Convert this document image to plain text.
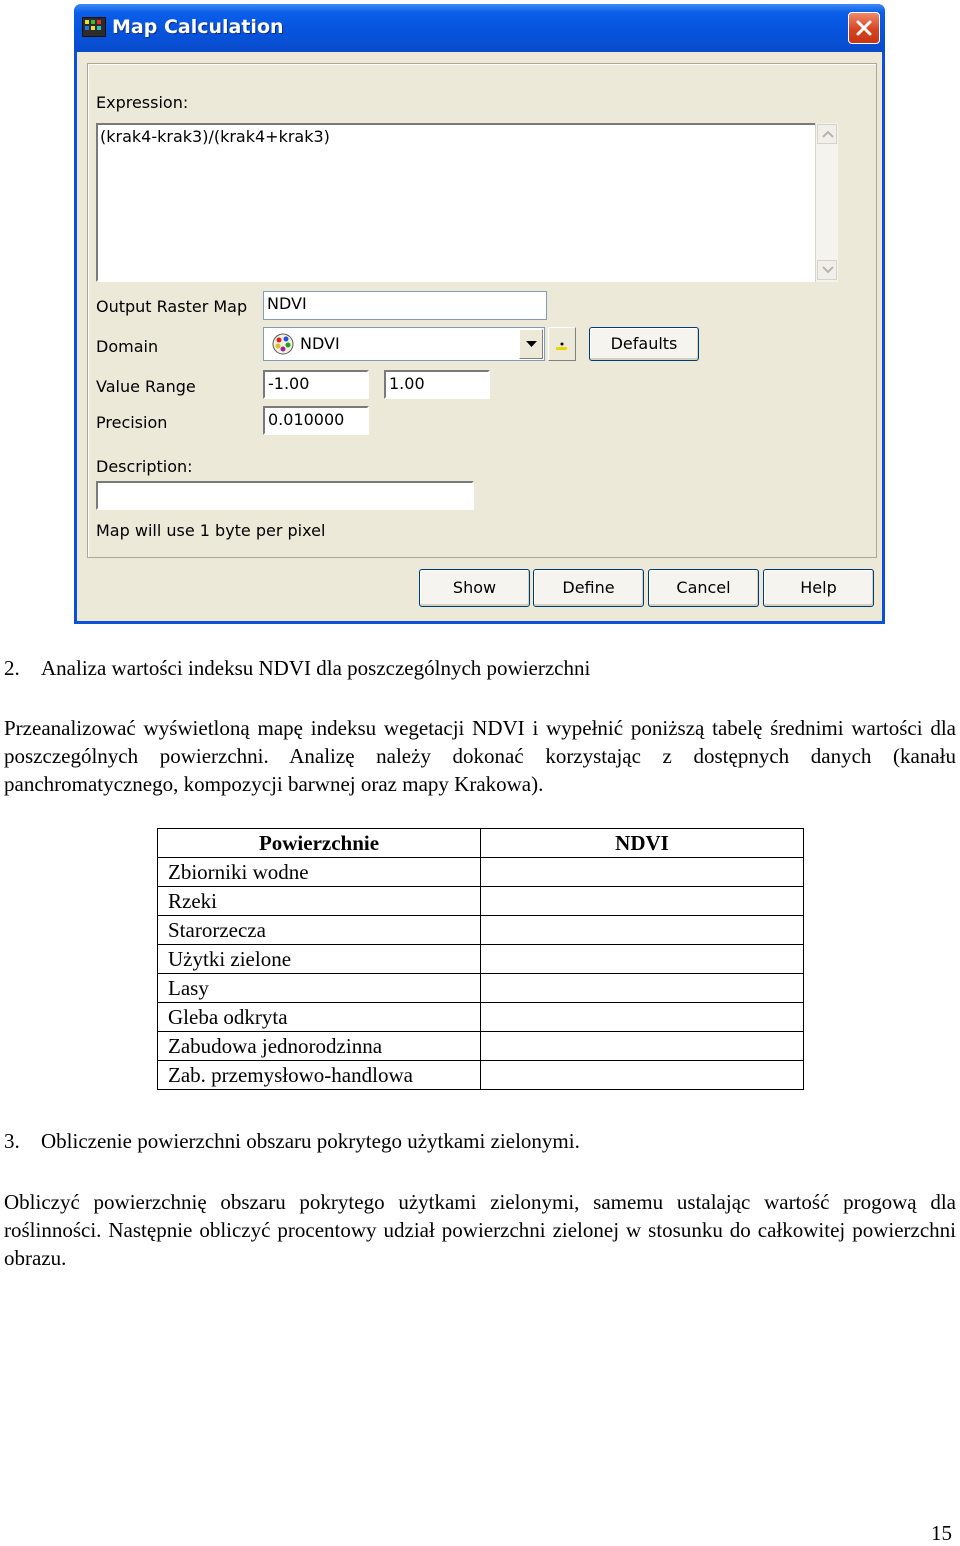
Map Calculation
Expression:
(krak4-krak3)/(krak4+krak3)
Output Raster Map NDVI
Domain	NDVI	Defaults
Value Range	-1.00	1.00
Precision	0.010000
Description:
Map will use 1 byte per pixel
Show	Define	Cancel	Help
2. Analiza wartości indeksu NDVI dla poszczególnych powierzchni
Przeanalizować wyświetloną mapę indeksu wegetacji NDVI i wypełnić poniższą tabelę średnimi wartości dla poszczególnych powierzchni. Analizę należy dokonać korzystając z dostępnych danych (kanału panchromatycznego, kompozycji barwnej oraz mapy Krakowa).
Powierzchnie	NDVI
Zbiorniki wodne	
Rzeki	
Starorzecza	
Użytki zielone	
Lasy	
Gleba odkryta	
Zabudowa jednorodzinna	
Zab. przemysłowo-handlowa	
3. Obliczenie powierzchni obszaru pokrytego użytkami zielonymi.
Obliczyć powierzchnię obszaru pokrytego użytkami zielonymi, samemu ustalając wartość progową dla roślinności. Następnie obliczyć procentowy udział powierzchni zielonej w stosunku do całkowitej powierzchni obrazu.
15
